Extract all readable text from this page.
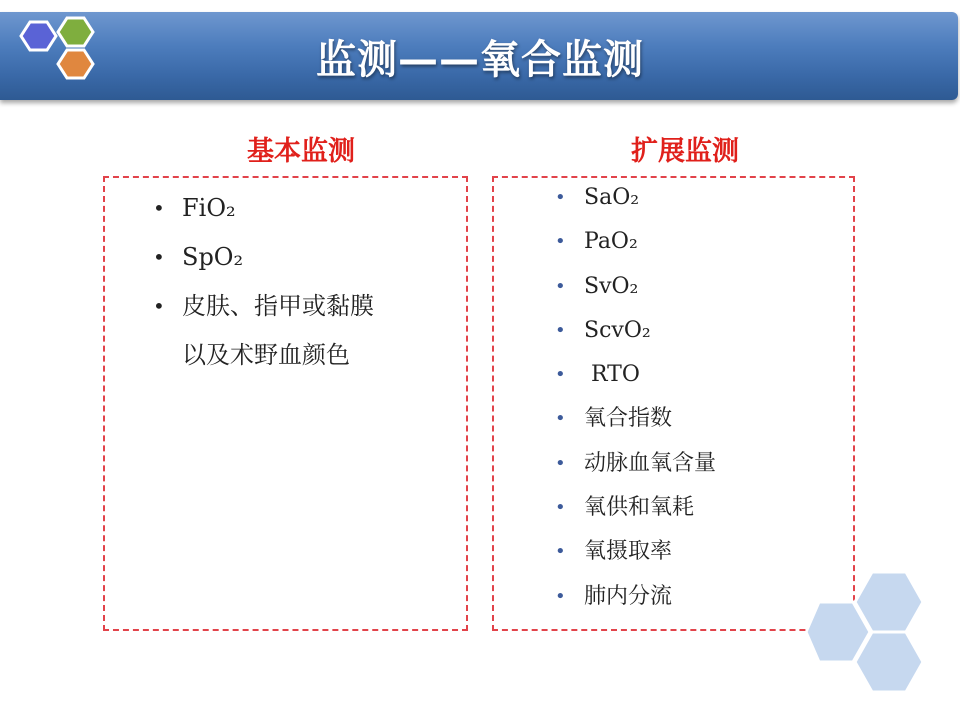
监测——氧合监测
基本监测	扩展监测
• FiO₂
• SpO₂
• 皮肤、指甲或黏膜
以及术野血颜色
• SaO₂
• PaO₂
• SvO₂
• ScvO₂
• RTO
• 氧合指数
• 动脉血氧含量
• 氧供和氧耗
• 氧摄取率
• 肺内分流
